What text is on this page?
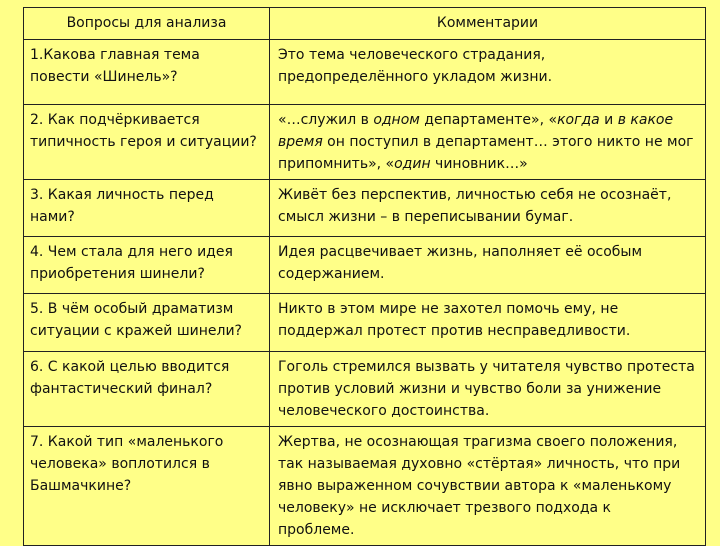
Вопросы для анализа	Комментарии
1.Какова главная тема
повести «Шинель»?	Это тема человеческого страдания,
предопределённого укладом жизни.
2. Как подчёркивается
типичность героя и ситуации?	«…служил в одном департаменте», «когда и в какое время он поступил в департамент… этого никто не мог припомнить», «один чиновник…»
3. Какая личность перед
нами?	Живёт без перспектив, личностью себя не осознаёт,
смысл жизни – в переписывании бумаг.
4. Чем стала для него идея
приобретения шинели?	Идея расцвечивает жизнь, наполняет её особым
содержанием.
5. В чём особый драматизм
ситуации с кражей шинели?	Никто в этом мире не захотел помочь ему, не
поддержал протест против несправедливости.
6. С какой целью вводится
фантастический финал?	Гоголь стремился вызвать у читателя чувство протеста
против условий жизни и чувство боли за унижение
человеческого достоинства.
7. Какой тип «маленького
человека» воплотился в
Башмачкине?	Жертва, не осознающая трагизма своего положения,
так называемая духовно «стёртая» личность, что при
явно выраженном сочувствии автора к «маленькому
человеку» не исключает трезвого подхода к
проблеме.
